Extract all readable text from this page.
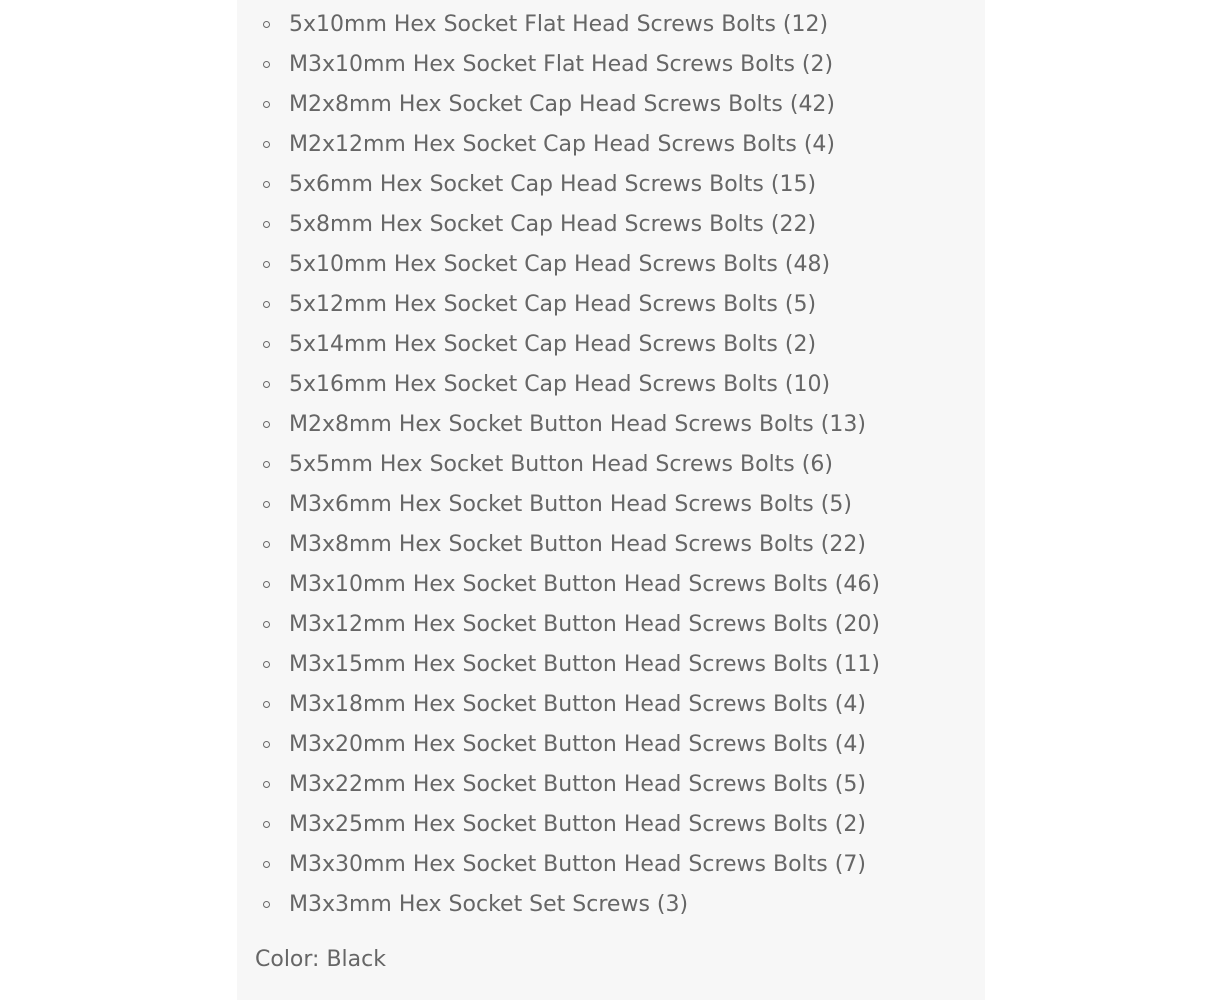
5x10mm Hex Socket Flat Head Screws Bolts (12)
M3x10mm Hex Socket Flat Head Screws Bolts (2)
M2x8mm Hex Socket Cap Head Screws Bolts (42)
M2x12mm Hex Socket Cap Head Screws Bolts (4)
5x6mm Hex Socket Cap Head Screws Bolts (15)
5x8mm Hex Socket Cap Head Screws Bolts (22)
5x10mm Hex Socket Cap Head Screws Bolts (48)
5x12mm Hex Socket Cap Head Screws Bolts (5)
5x14mm Hex Socket Cap Head Screws Bolts (2)
5x16mm Hex Socket Cap Head Screws Bolts (10)
M2x8mm Hex Socket Button Head Screws Bolts (13)
5x5mm Hex Socket Button Head Screws Bolts (6)
M3x6mm Hex Socket Button Head Screws Bolts (5)
M3x8mm Hex Socket Button Head Screws Bolts (22)
M3x10mm Hex Socket Button Head Screws Bolts (46)
M3x12mm Hex Socket Button Head Screws Bolts (20)
M3x15mm Hex Socket Button Head Screws Bolts (11)
M3x18mm Hex Socket Button Head Screws Bolts (4)
M3x20mm Hex Socket Button Head Screws Bolts (4)
M3x22mm Hex Socket Button Head Screws Bolts (5)
M3x25mm Hex Socket Button Head Screws Bolts (2)
M3x30mm Hex Socket Button Head Screws Bolts (7)
M3x3mm Hex Socket Set Screws (3)
Color: Black
